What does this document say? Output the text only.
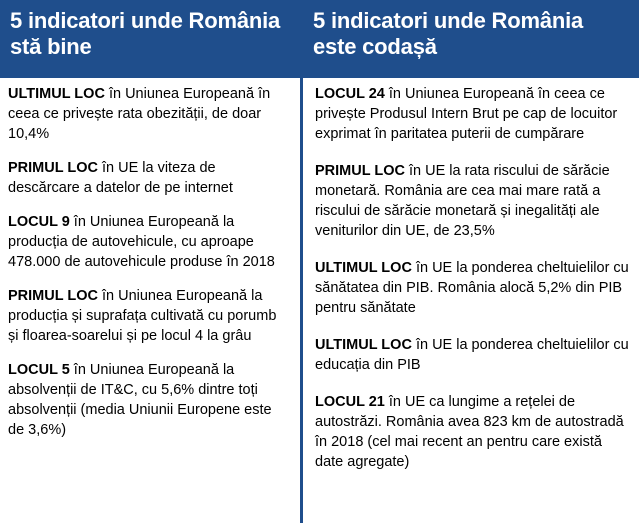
5 indicatori unde România stă bine
ULTIMUL LOC în Uniunea Europeană în ceea ce privește rata obezității, de doar 10,4%
PRIMUL LOC în UE la viteza de descărcare a datelor de pe internet
LOCUL 9 în Uniunea Europeană la producția de autovehicule, cu aproape 478.000 de autovehicule produse în 2018
PRIMUL LOC în Uniunea Europeană la producția și suprafața cultivată cu porumb și floarea-soarelui și pe locul 4 la grâu
LOCUL 5 în Uniunea Europeană la absolvenții de IT&C, cu 5,6% dintre toți absolvenții (media Uniunii Europene este de 3,6%)
5 indicatori unde România este codașă
LOCUL 24 în Uniunea Europeană în ceea ce privește Produsul Intern Brut pe cap de locuitor exprimat în paritatea puterii de cumpărare
PRIMUL LOC în UE la rata riscului de sărăcie monetară. România are cea mai mare rată a riscului de sărăcie monetară și inegalități ale veniturilor din UE, de 23,5%
ULTIMUL LOC în UE la ponderea cheltuielilor cu sănătatea din PIB. România alocă 5,2% din PIB pentru sănătate
ULTIMUL LOC în UE la ponderea cheltuielilor cu educația din PIB
LOCUL 21 în UE ca lungime a rețelei de autostrăzi. România avea 823 km de autostradă în 2018 (cel mai recent an pentru care există date agregate)
